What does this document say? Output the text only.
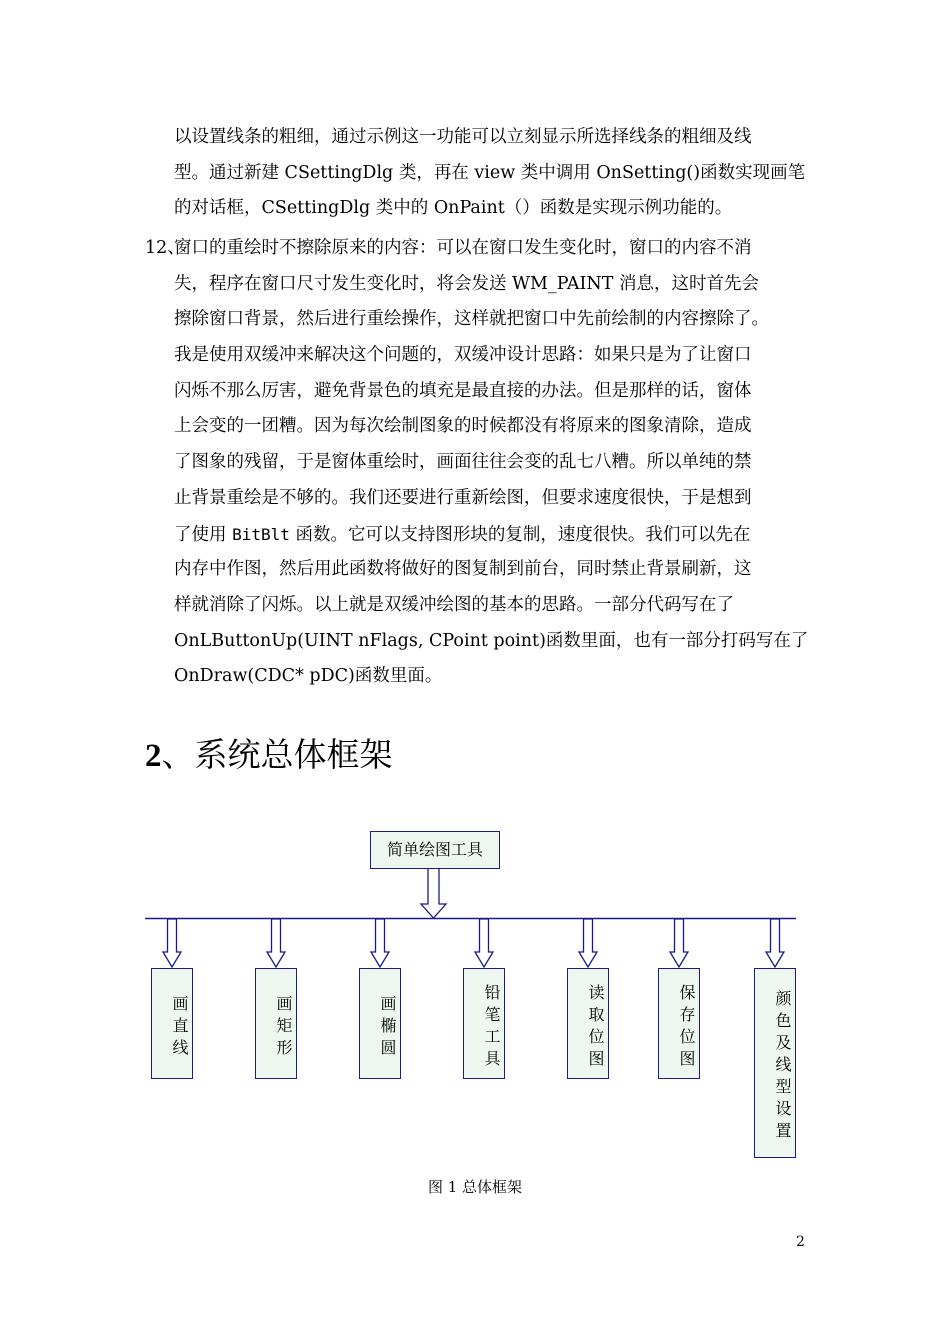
以设置线条的粗细，通过示例这一功能可以立刻显示所选择线条的粗细及线
型。通过新建 CSettingDlg 类，再在 view 类中调用 OnSetting()函数实现画笔
的对话框，CSettingDlg 类中的 OnPaint（）函数是实现示例功能的。
12、
窗口的重绘时不擦除原来的内容：可以在窗口发生变化时，窗口的内容不消
失，程序在窗口尺寸发生变化时，将会发送 WM_PAINT 消息，这时首先会
擦除窗口背景，然后进行重绘操作，这样就把窗口中先前绘制的内容擦除了。
我是使用双缓冲来解决这个问题的，双缓冲设计思路：如果只是为了让窗口
闪烁不那么厉害，避免背景色的填充是最直接的办法。但是那样的话，窗体
上会变的一团糟。因为每次绘制图象的时候都没有将原来的图象清除，造成
了图象的残留，于是窗体重绘时，画面往往会变的乱七八糟。所以单纯的禁
止背景重绘是不够的。我们还要进行重新绘图，但要求速度很快，于是想到
了使用 BitBlt 函数。它可以支持图形块的复制，速度很快。我们可以先在
内存中作图，然后用此函数将做好的图复制到前台，同时禁止背景刷新，这
样就消除了闪烁。以上就是双缓冲绘图的基本的思路。一部分代码写在了
OnLButtonUp(UINT nFlags, CPoint point)函数里面，也有一部分打码写在了
OnDraw(CDC* pDC)函数里面。
2、系统总体框架
简单绘图工具
画直线	画矩形	画椭圆	铅笔工具	读取位图	保存位图	颜色及线型设置
图 1 总体框架
2
